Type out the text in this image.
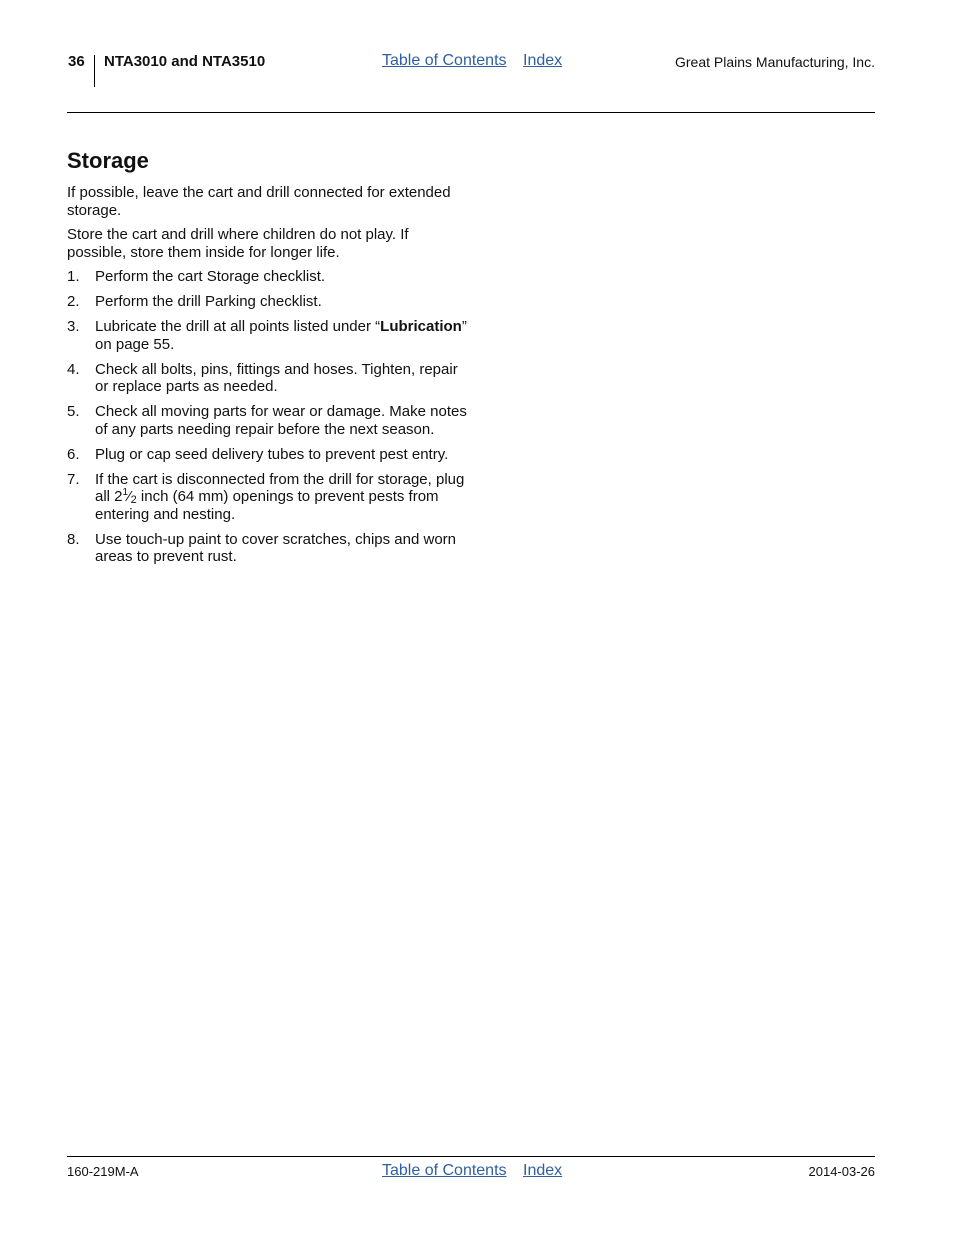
36 NTA3010 and NTA3510	Table of Contents Index	Great Plains Manufacturing, Inc.
Storage

If possible, leave the cart and drill connected for extended storage.

Store the cart and drill where children do not play. If possible, store them inside for longer life.

1. Perform the cart Storage checklist.
2. Perform the drill Parking checklist.
3. Lubricate the drill at all points listed under “Lubrication” on page 55.
4. Check all bolts, pins, fittings and hoses. Tighten, repair or replace parts as needed.
5. Check all moving parts for wear or damage. Make notes of any parts needing repair before the next season.
6. Plug or cap seed delivery tubes to prevent pest entry.
7. If the cart is disconnected from the drill for storage, plug all $2^1⁄_2$ inch (64 mm) openings to prevent pests from entering and nesting.
8. Use touch-up paint to cover scratches, chips and worn areas to prevent rust.
160-219M-A	Table of Contents Index	2014-03-26
